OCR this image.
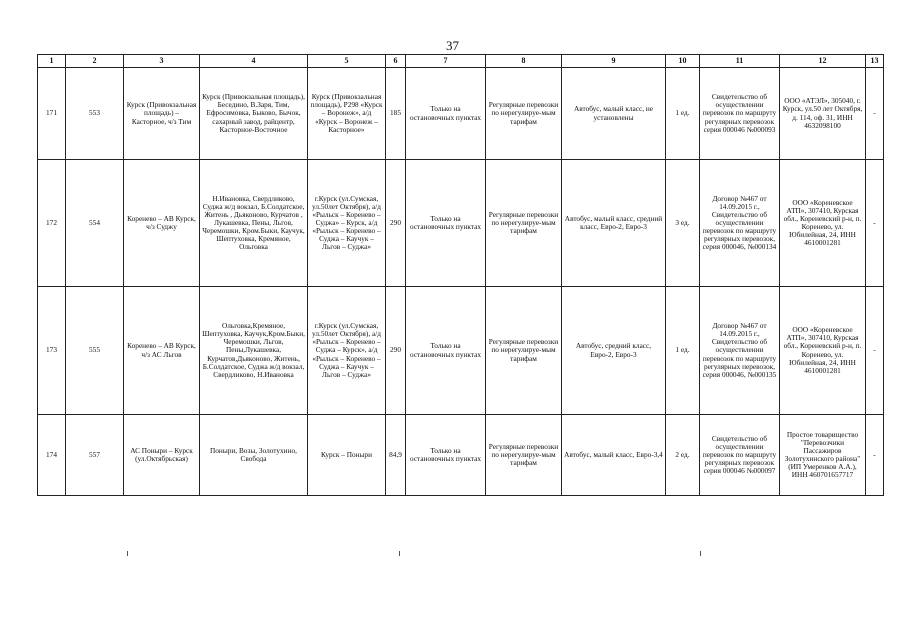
37
1	2	3	4	5	6	7	8	9	10	11	12	13
171	553	Курск (Привокзальная площадь) – Касторное, ч/з Тим	Курск (Привокзальная площадь), Беседино, В.Заря, Тим, Ефросимовка, Быково, Бычок, сахарный завод, райцентр, Касторное-Восточное	Курск (Привокзальная площадь), Р298 «Курск – Воронеж», а/д «Курск – Воронеж – Касторное»	185	Только на остановочных пунктах	Регулярные перевозки по нерегулируе-мым тарифам	Автобус, малый класс, не установлены	1 ед.	Свидетельство об осуществлении перевозок по маршруту регулярных перевозок серия 000046 №000093	ООО «АТЭЛ», 305040, г. Курск, ул.50 лет Октября, д. 114, оф. 31, ИНН 4632098100	-
172	554	Коренево – АВ Курск, ч/з Суджу	Н.Ивановка, Свердликово, Суджа ж/д вокзал, Б.Солдатское, Житень , Дьяконово, Курчатов , Лукашевка, Пены, Льгов, Черемошки, Кром.Быки, Каучук, Шептуховка, Кремяное, Ольговка	г.Курск (ул.Сумская, ул.50лет Октября), а/д «Рыльск – Коренево – Суджа» – Курск, а/д «Рыльск – Коренево – Суджа – Каучук – Льгов – Суджа»	290	Только на остановочных пунктах	Регулярные перевозки по нерегулируе-мым тарифам	Автобус, малый класс, средний класс, Евро-2, Евро-3	3 ед.	Договор №467 от 14.09.2015 г., Свидетельство об осуществлении перевозок по маршруту регулярных перевозок, серия 000046, №000134	ООО «Кореневское АТП», 307410, Курская обл., Кореневский р-н, п. Коренево, ул. Юбилейная, 24, ИНН 4610001281	-
173	555	Коренево – АВ Курск, ч/з АС Льгов	Ольговка,Кремяное, Шептуховка, Каучук,Кром.Быки, Черемошки, Льгов, Пены,Лукашевка, Курчатов,Дьяконово, Житень, Б.Солдатское, Суджа ж/д вокзал, Свердликово, Н.Ивановка	г.Курск (ул.Сумская, ул.50лет Октября), а/д «Рыльск – Коренево – Суджа – Курск», а/д «Рыльск – Коренево – Суджа – Каучук – Льгов – Суджа»	290	Только на остановочных пунктах	Регулярные перевозки по нерегулируе-мым тарифам	Автобус, средний класс, Евро-2, Евро-3	1 ед.	Договор №467 от 14.09.2015 г., Свидетельство об осуществлении перевозок по маршруту регулярных перевозок, серия 000046, №000135	ООО «Кореневское АТП», 307410, Курская обл., Кореневский р-н, п. Коренево, ул. Юбилейная, 24, ИНН 4610001281	-
174	557	АС Поныри – Курск (ул.Октябрьская)	Поныри, Возы, Золотухино, Свобода	Курск – Поныри	84,9	Только на остановочных пунктах	Регулярные перевозки по нерегулируе-мым тарифам	Автобус, малый класс, Евро-3,4	2 ед.	Свидетельство об осуществлении перевозок по маршруту регулярных перевозок серия 000046 №000097	Простое товарищество "Перевозчики Пассажиров Золотухинского района" (ИП Умеренков А.А.), ИНН 460701657717	-
